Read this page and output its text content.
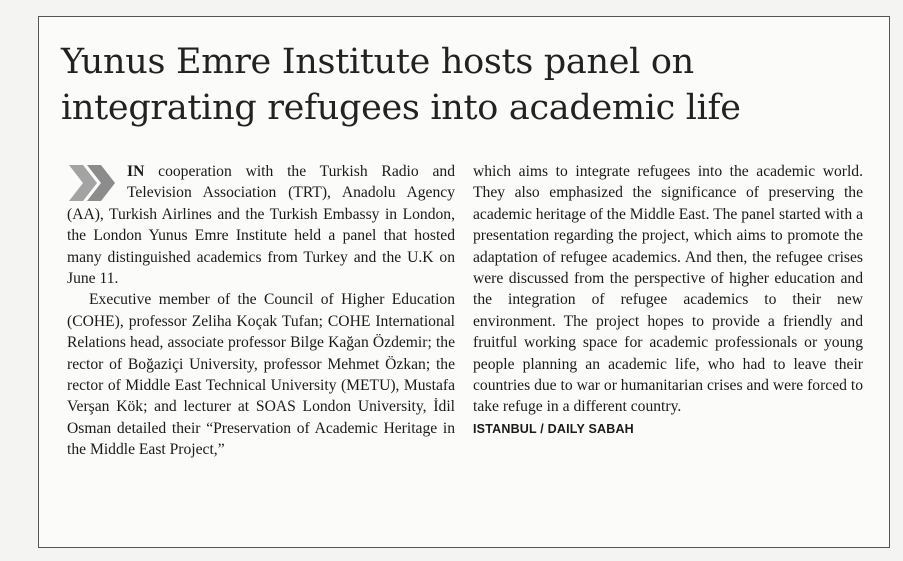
Yunus Emre Institute hosts panel on integrating refugees into academic life

IN cooperation with the Turkish Radio and Television Association (TRT), Anadolu Agency (AA), Turkish Airlines and the Turkish Embassy in London, the London Yunus Emre Institute held a panel that hosted many distinguished academics from Turkey and the U.K on June 11.

Executive member of the Council of Higher Education (COHE), professor Zeliha Koçak Tufan; COHE International Relations head, associate professor Bilge Kağan Özdemir; the rector of Boğaziçi University, professor Mehmet Özkan; the rector of Middle East Technical University (METU), Mustafa Verşan Kök; and lecturer at SOAS London University, İdil Osman detailed their “Preservation of Academic Heritage in the Middle East Project,”

which aims to integrate refugees into the academic world. They also emphasized the significance of preserving the academic heritage of the Middle East. The panel started with a presentation regarding the project, which aims to promote the adaptation of refugee academics. And then, the refugee crises were discussed from the perspective of higher education and the integration of refugee academics to their new environment. The project hopes to provide a friendly and fruitful working space for academic professionals or young people planning an academic life, who had to leave their countries due to war or humanitarian crises and were forced to take refuge in a different country.

ISTANBUL / DAILY SABAH
